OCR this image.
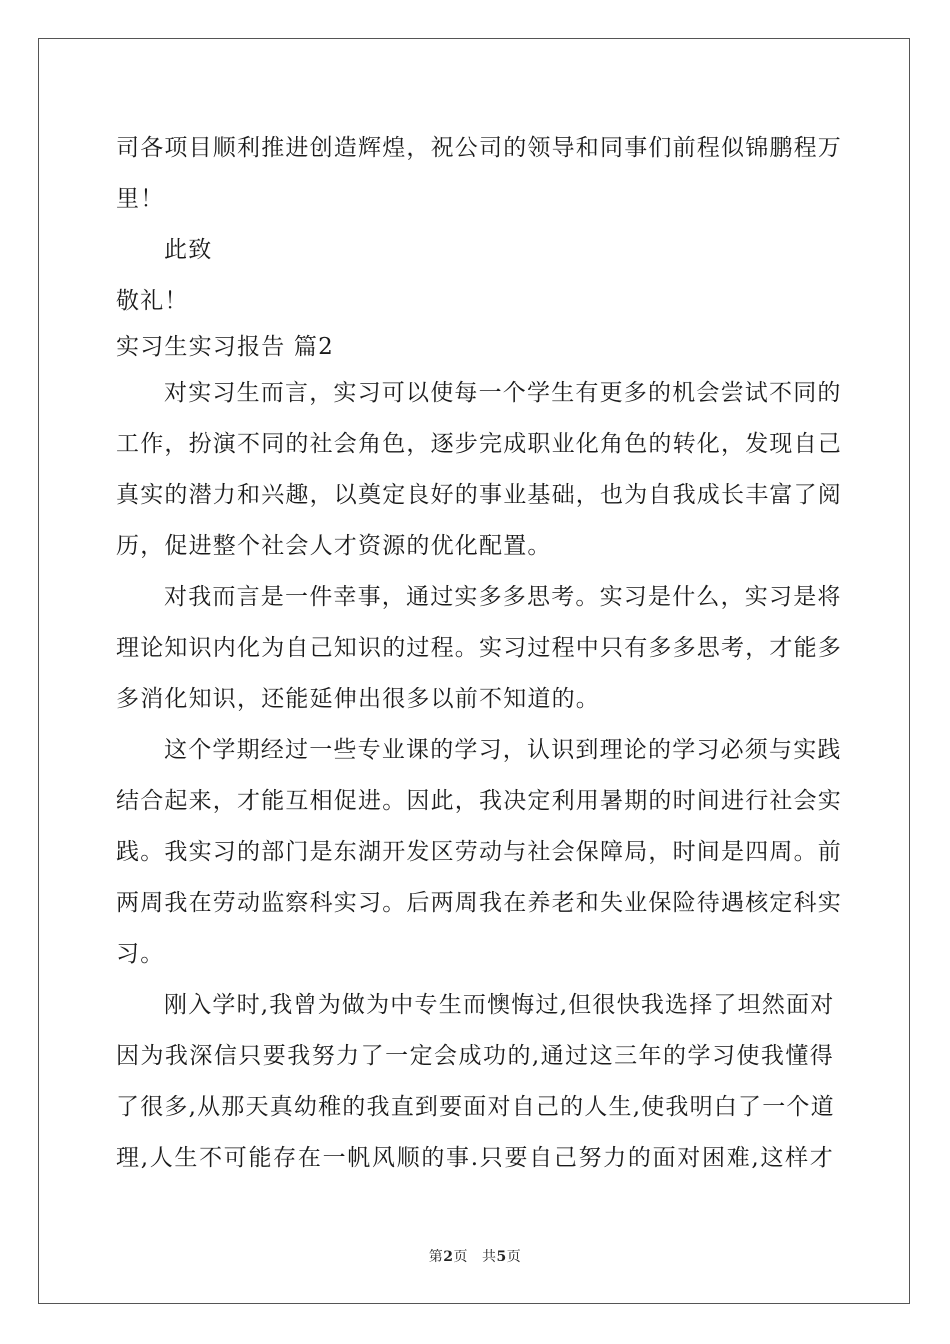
司各项目顺利推进创造辉煌，祝公司的领导和同事们前程似锦鹏程万
里！
此致
敬礼！
实习生实习报告 篇2
对实习生而言，实习可以使每一个学生有更多的机会尝试不同的
工作，扮演不同的社会角色，逐步完成职业化角色的转化，发现自己
真实的潜力和兴趣，以奠定良好的事业基础，也为自我成长丰富了阅
历，促进整个社会人才资源的优化配置。
对我而言是一件幸事，通过实多多思考。实习是什么，实习是将
理论知识内化为自己知识的过程。实习过程中只有多多思考，才能多
多消化知识，还能延伸出很多以前不知道的。
这个学期经过一些专业课的学习，认识到理论的学习必须与实践
结合起来，才能互相促进。因此，我决定利用暑期的时间进行社会实
践。我实习的部门是东湖开发区劳动与社会保障局，时间是四周。前
两周我在劳动监察科实习。后两周我在养老和失业保险待遇核定科实
习。
刚入学时,我曾为做为中专生而懊悔过,但很快我选择了坦然面对
因为我深信只要我努力了一定会成功的,通过这三年的学习使我懂得
了很多,从那天真幼稚的我直到要面对自己的人生,使我明白了一个道
理,人生不可能存在一帆风顺的事.只要自己努力的面对困难,这样才
第2页 共5页
